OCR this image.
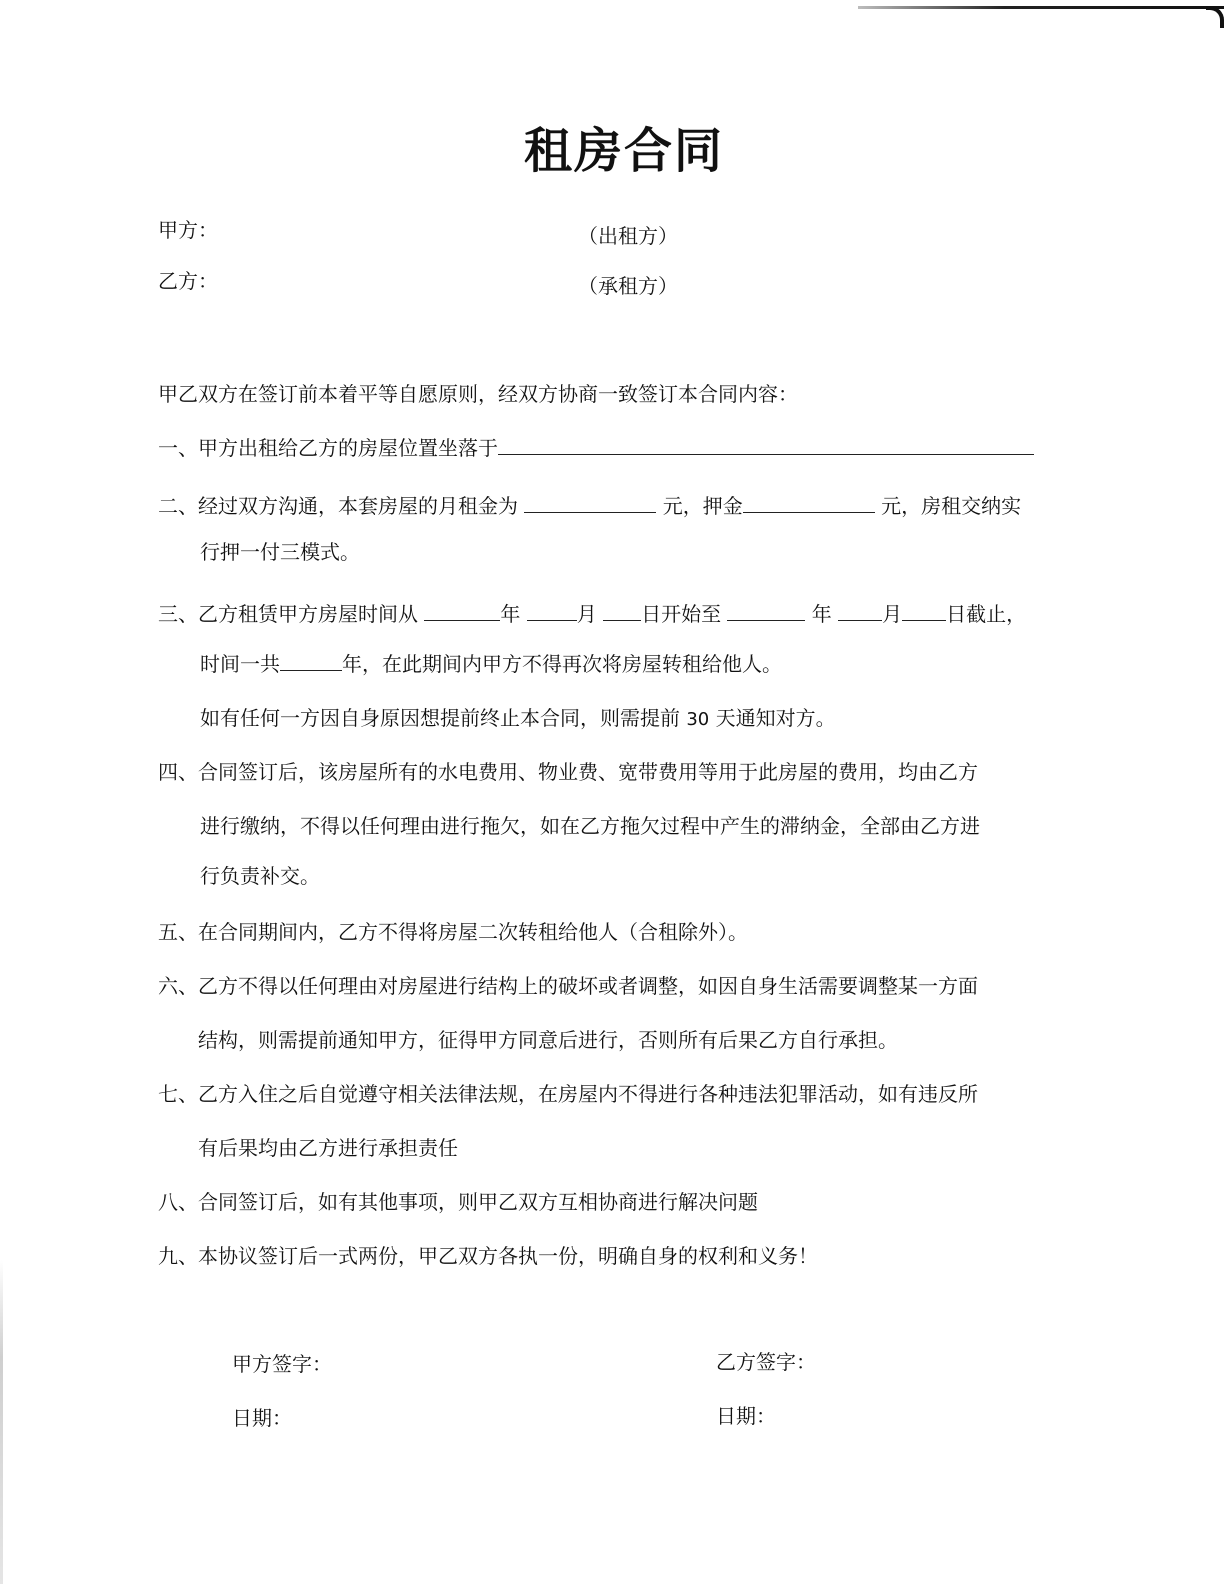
租房合同
甲方：	（出租方）
乙方：	（承租方）
甲乙双方在签订前本着平等自愿原则，经双方协商一致签订本合同内容：
一、甲方出租给乙方的房屋位置坐落于
二、经过双方沟通，本套房屋的月租金为	元，押金	元，房租交纳实
行押一付三模式。
三、乙方租赁甲方房屋时间从	年	月 日开始至	年	月 日截止，
时间一共	年，在此期间内甲方不得再次将房屋转租给他人。
如有任何一方因自身原因想提前终止本合同，则需提前 30 天通知对方。
四、合同签订后，该房屋所有的水电费用、物业费、宽带费用等用于此房屋的费用，均由乙方
进行缴纳，不得以任何理由进行拖欠，如在乙方拖欠过程中产生的滞纳金，全部由乙方进
行负责补交。
五、在合同期间内，乙方不得将房屋二次转租给他人（合租除外）。
六、乙方不得以任何理由对房屋进行结构上的破坏或者调整，如因自身生活需要调整某一方面
结构，则需提前通知甲方，征得甲方同意后进行，否则所有后果乙方自行承担。
七、乙方入住之后自觉遵守相关法律法规，在房屋内不得进行各种违法犯罪活动，如有违反所
有后果均由乙方进行承担责任
八、合同签订后，如有其他事项，则甲乙双方互相协商进行解决问题
九、本协议签订后一式两份，甲乙双方各执一份，明确自身的权利和义务！
甲方签字：	乙方签字：
日期：	日期：
